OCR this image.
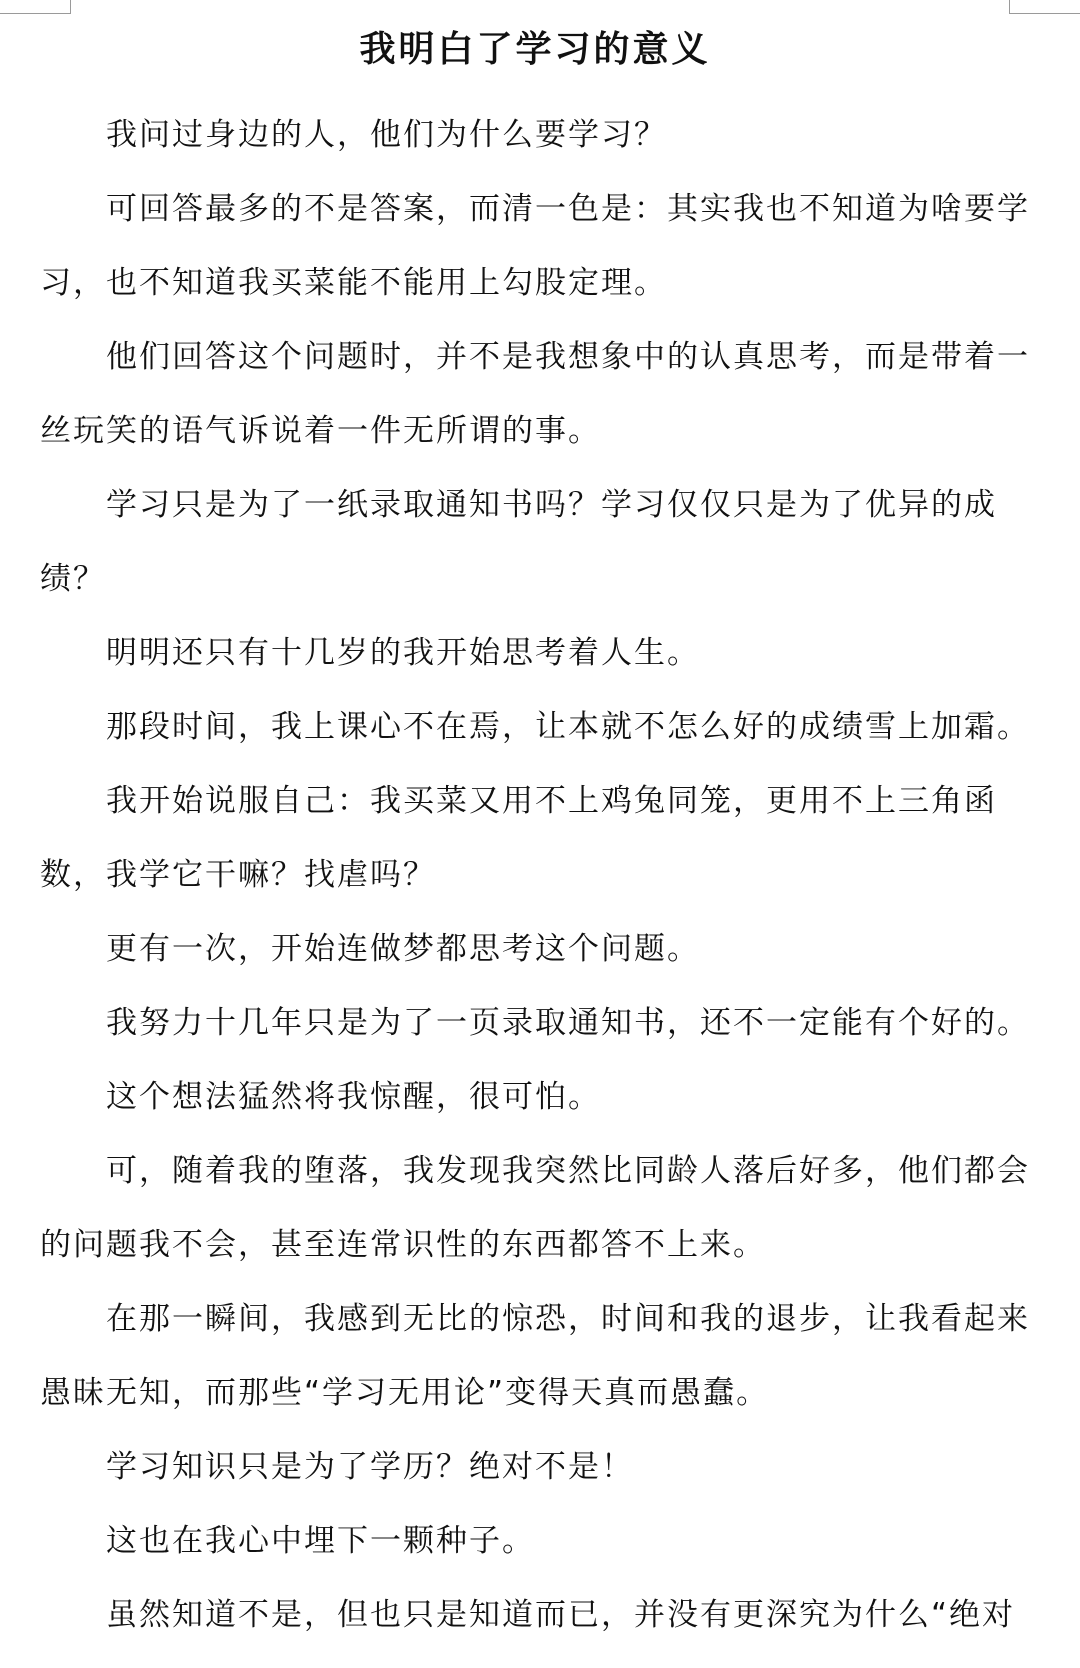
我明白了学习的意义

我问过身边的人，他们为什么要学习？

可回答最多的不是答案，而清一色是：其实我也不知道为啥要学习，也不知道我买菜能不能用上勾股定理。

他们回答这个问题时，并不是我想象中的认真思考，而是带着一丝玩笑的语气诉说着一件无所谓的事。

学习只是为了一纸录取通知书吗？学习仅仅只是为了优异的成绩？

明明还只有十几岁的我开始思考着人生。

那段时间，我上课心不在焉，让本就不怎么好的成绩雪上加霜。

我开始说服自己：我买菜又用不上鸡兔同笼，更用不上三角函数，我学它干嘛？找虐吗？

更有一次，开始连做梦都思考这个问题。

我努力十几年只是为了一页录取通知书，还不一定能有个好的。

这个想法猛然将我惊醒，很可怕。

可，随着我的堕落，我发现我突然比同龄人落后好多，他们都会的问题我不会，甚至连常识性的东西都答不上来。

在那一瞬间，我感到无比的惊恐，时间和我的退步，让我看起来愚昧无知，而那些“学习无用论”变得天真而愚蠢。

学习知识只是为了学历？绝对不是！

这也在我心中埋下一颗种子。

虽然知道不是，但也只是知道而已，并没有更深究为什么“绝对
